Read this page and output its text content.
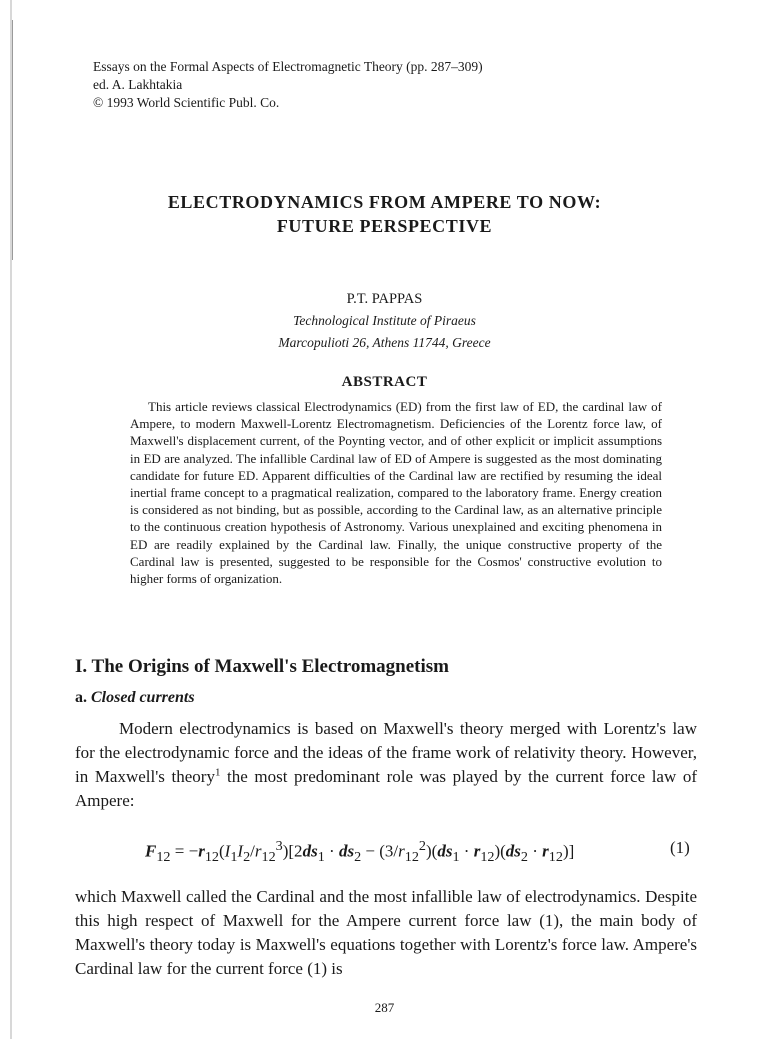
Essays on the Formal Aspects of Electromagnetic Theory (pp. 287–309)
ed. A. Lakhtakia
© 1993 World Scientific Publ. Co.
ELECTRODYNAMICS FROM AMPERE TO NOW:
FUTURE PERSPECTIVE
P.T. PAPPAS
Technological Institute of Piraeus
Marcopulioti 26, Athens 11744, Greece
ABSTRACT
This article reviews classical Electrodynamics (ED) from the first law of ED, the cardinal law of Ampere, to modern Maxwell-Lorentz Electromagnetism. Deficiencies of the Lorentz force law, of Maxwell's displacement current, of the Poynting vector, and of other explicit or implicit assumptions in ED are analyzed. The infallible Cardinal law of ED of Ampere is suggested as the most dominating candidate for future ED. Apparent difficulties of the Cardinal law are rectified by resuming the ideal inertial frame concept to a pragmatical realization, compared to the laboratory frame. Energy creation is considered as not binding, but as possible, according to the Cardinal law, as an alternative principle to the continuous creation hypothesis of Astronomy. Various unexplained and exciting phenomena in ED are readily explained by the Cardinal law. Finally, the unique constructive property of the Cardinal law is presented, suggested to be responsible for the Cosmos' constructive evolution to higher forms of organization.
I. The Origins of Maxwell's Electromagnetism
a. Closed currents
Modern electrodynamics is based on Maxwell's theory merged with Lorentz's law for the electrodynamic force and the ideas of the frame work of relativity theory. However, in Maxwell's theory$^1$ the most predominant role was played by the current force law of Ampere:
$F_{12} = -r_{12}(I_1I_2/r_{12}^3)[2ds_1 \cdot ds_2 - (3/r_{12}^2)(ds_1 \cdot r_{12})(ds_2 \cdot r_{12})]$	(1)
which Maxwell called the Cardinal and the most infallible law of electrodynamics. Despite this high respect of Maxwell for the Ampere current force law (1), the main body of Maxwell's theory today is Maxwell's equations together with Lorentz's force law. Ampere's Cardinal law for the current force (1) is
287
